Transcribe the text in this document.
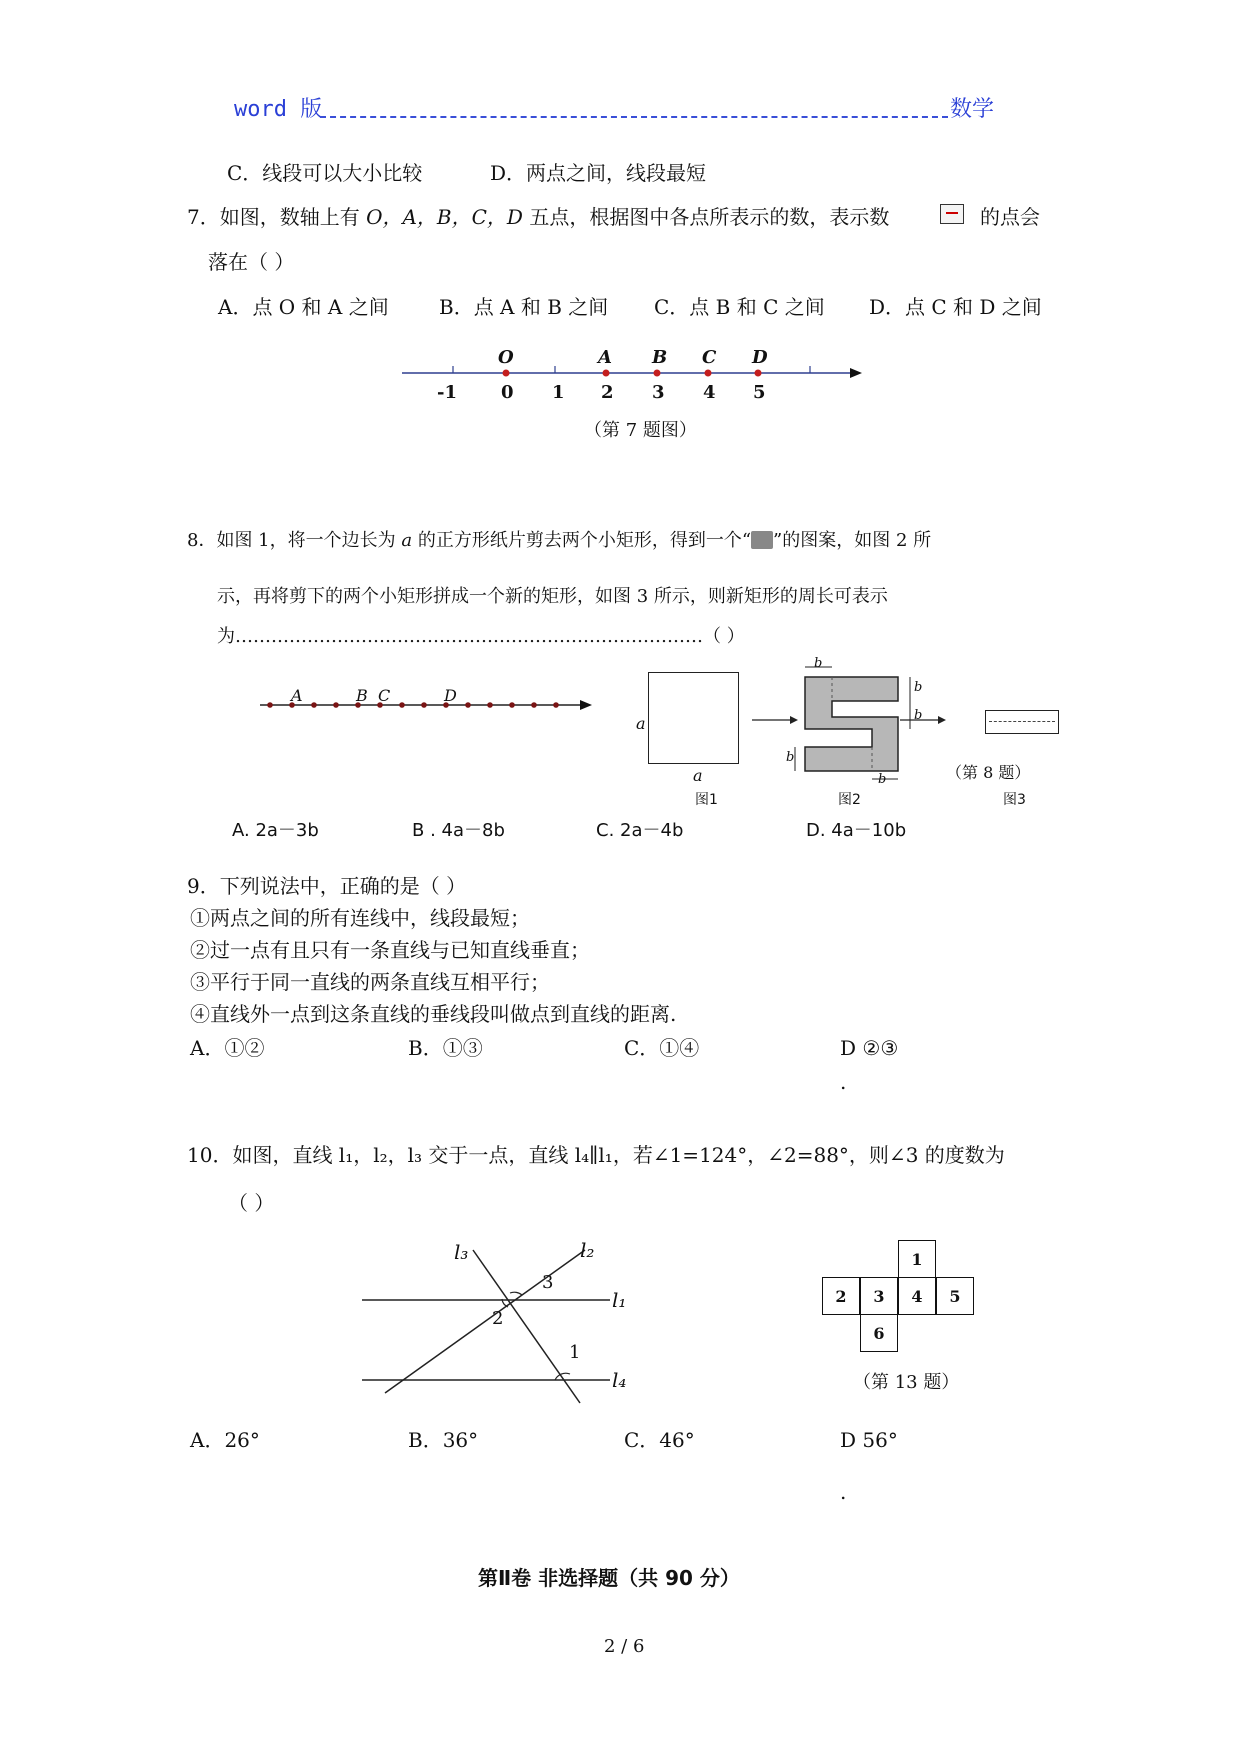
word 版	数学
C．线段可以大小比较	D．两点之间，线段最短
7．如图，数轴上有 O，A，B，C，D 五点，根据图中各点所表示的数，表示数	的点会
落在（ ）
A．点 O 和 A 之间	B．点 A 和 B 之间 C．点 B 和 C 之间 D．点 C 和 D 之间
O	A B C D
-1 0 1 2 3 4 5
（第 7 题图）
8．如图 1，将一个边长为 a 的正方形纸片剪去两个小矩形，得到一个“ ”的图案，如图 2 所
示，再将剪下的两个小矩形拼成一个新的矩形，如图 3 所示，则新矩形的周长可表示
为……………………………………………………………………（ ）
A	B C	D
a
a
b
b
b
b
b	（第 8 题）
图1	图2	图3
A. 2a－3b	B . 4a－8b	C. 2a－4b	D. 4a－10b
9．下列说法中，正确的是（ ）
①两点之间的所有连线中，线段最短；
②过一点有且只有一条直线与已知直线垂直；
③平行于同一直线的两条直线互相平行；
④直线外一点到这条直线的垂线段叫做点到直线的距离.
A．①②	B．①③	C．①④	D ②③
.
10．如图，直线 l₁，l₂，l₃ 交于一点，直线 l₄∥l₁，若∠1=124°，∠2=88°，则∠3 的度数为
（ ）
l₃	l₂
l₁
l₄
1
2
3
1
2	3	4	5
6
（第 13 题）
A．26°	B．36°	C．46°	D 56°
.
第Ⅱ卷 非选择题（共 90 分）
2 / 6
